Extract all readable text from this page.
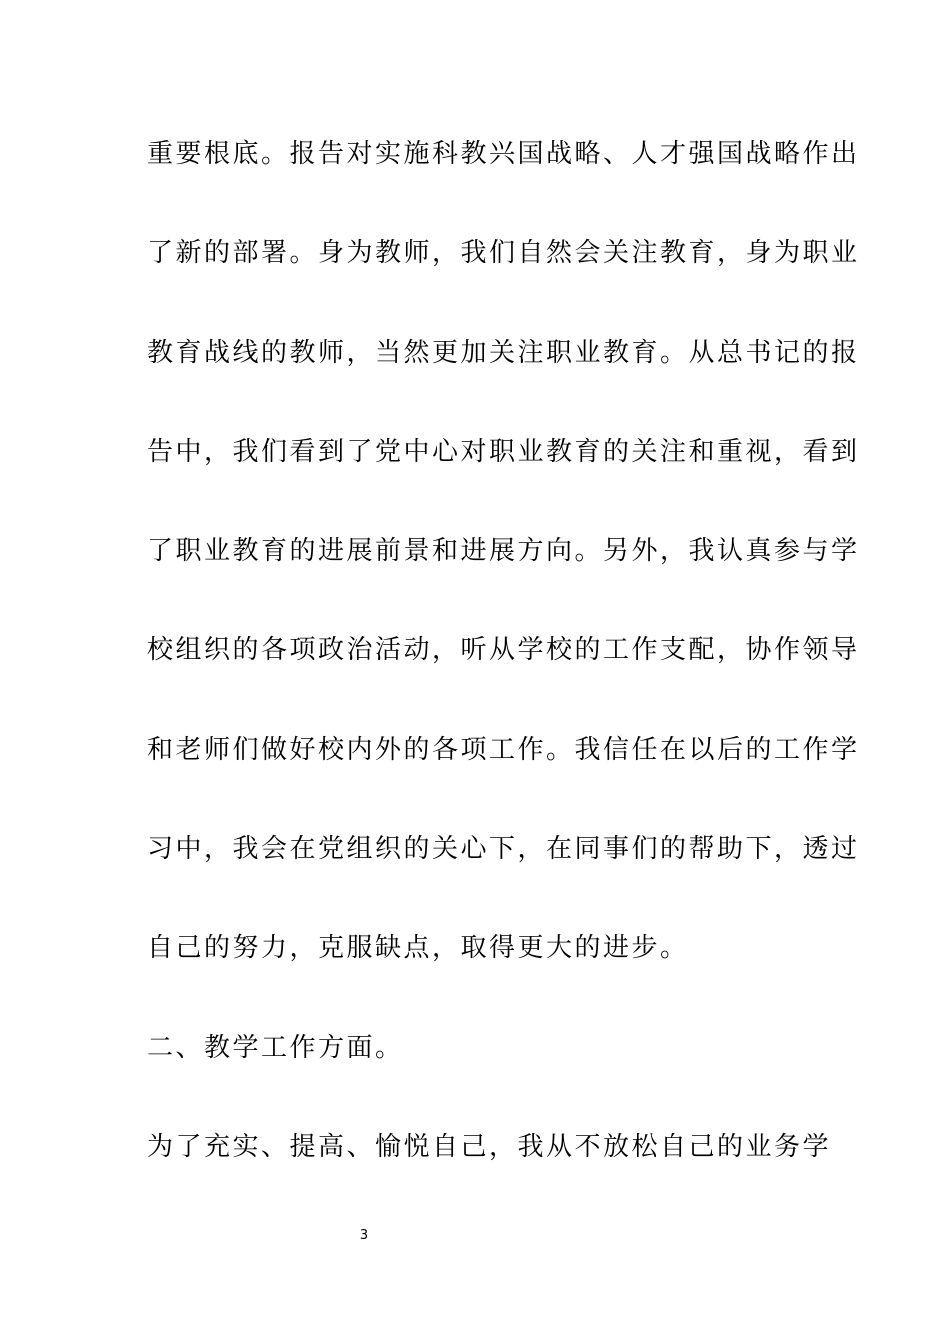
重要根底。报告对实施科教兴国战略、人才强国战略作出
了新的部署。身为教师，我们自然会关注教育，身为职业
教育战线的教师，当然更加关注职业教育。从总书记的报
告中，我们看到了党中心对职业教育的关注和重视，看到
了职业教育的进展前景和进展方向。另外，我认真参与学
校组织的各项政治活动，听从学校的工作支配，协作领导
和老师们做好校内外的各项工作。我信任在以后的工作学
习中，我会在党组织的关心下，在同事们的帮助下，透过
自己的努力，克服缺点，取得更大的进步。
二、教学工作方面。
为了充实、提高、愉悦自己，我从不放松自己的业务学
3
